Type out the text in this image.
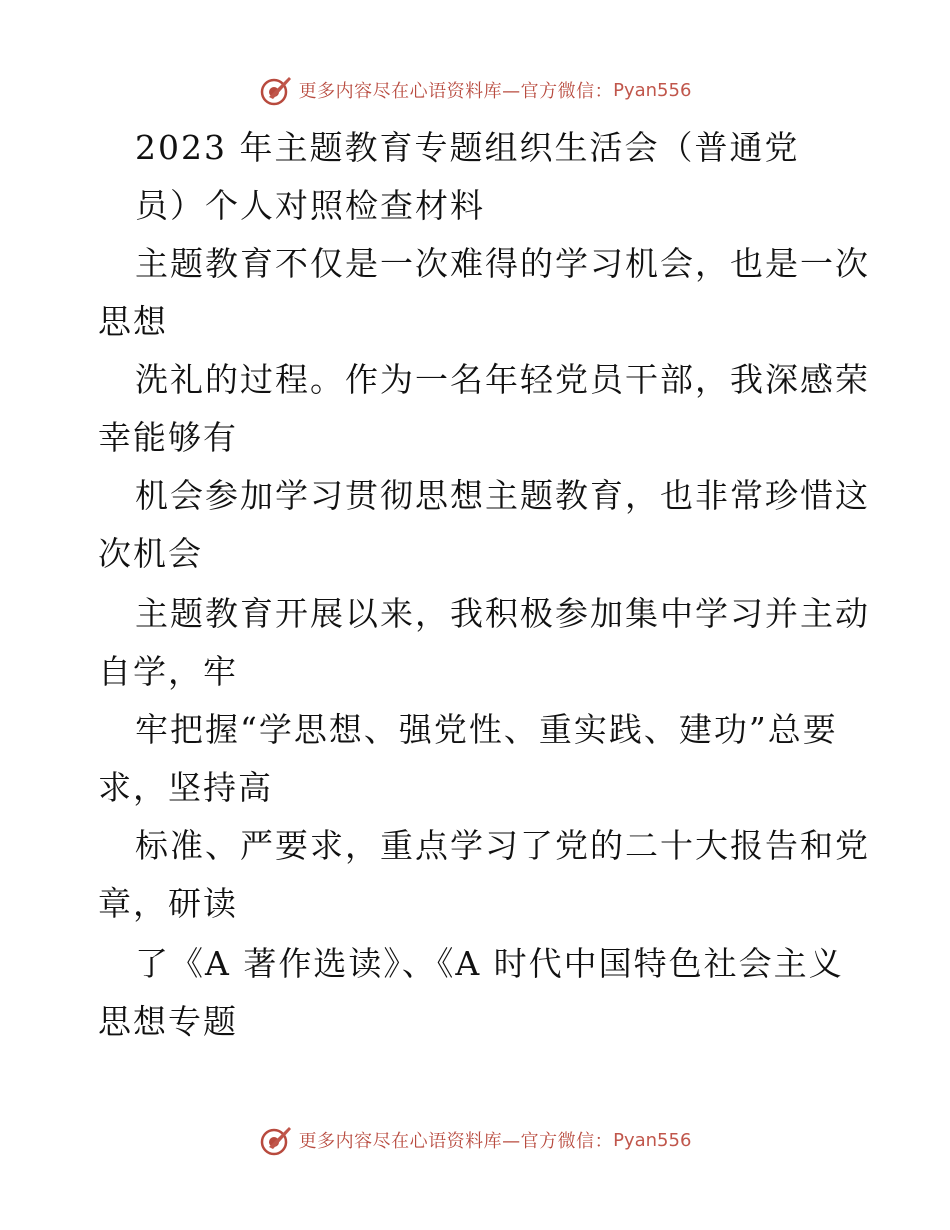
更多内容尽在心语资料库—官方微信： Pyan556
2023 年主题教育专题组织生活会（普通党
员）个人对照检查材料
主题教育不仅是一次难得的学习机会，也是一次
思想
洗礼的过程。作为一名年轻党员干部，我深感荣
幸能够有
机会参加学习贯彻思想主题教育，也非常珍惜这
次机会
主题教育开展以来，我积极参加集中学习并主动
自学，牢
牢把握“学思想、强党性、重实践、建功”总要
求，坚持高
标准、严要求，重点学习了党的二十大报告和党
章，研读
了《A 著作选读》、《A 时代中国特色社会主义
思想专题
更多内容尽在心语资料库—官方微信： Pyan556
